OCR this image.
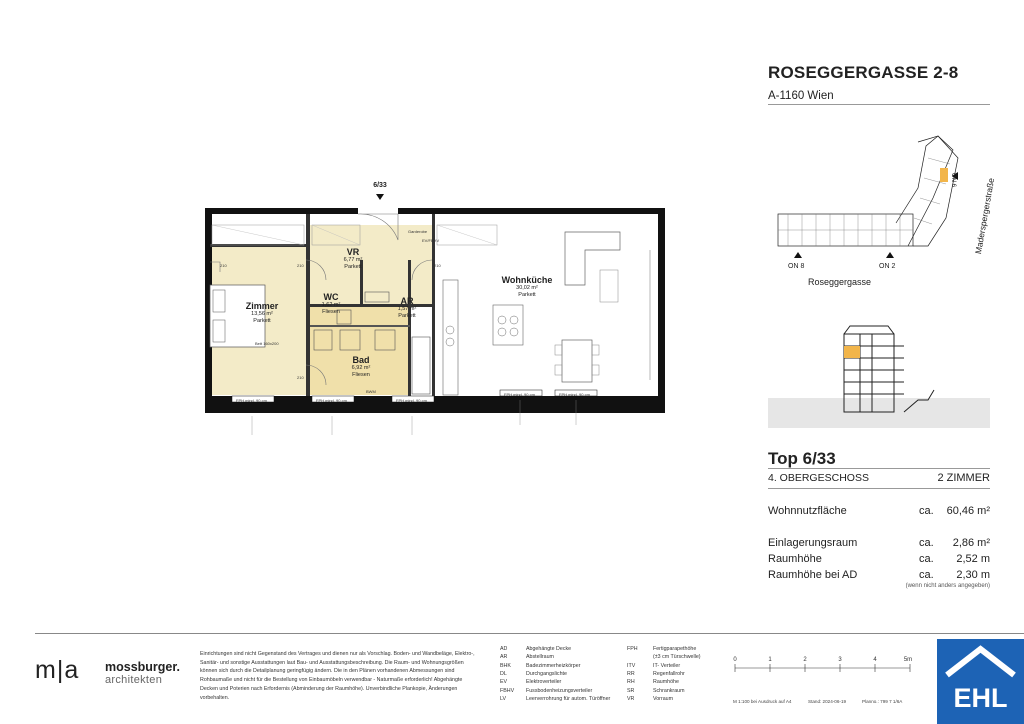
6/33
VR
6,77 m²
Parkett
WC
1,62 m²
Fliesen
AR
1,57 m²
Parkett
Wohnküche
30,02 m²
Parkett
Zimmer
13,56 m²
Parkett
Bad
6,92 m²
Fliesen
Garderobe
EV/FBHV
Bett 160x200
BWM
FPH mind. 90 cm	FPH mind. 90 cm	FPH mind. 90 cm
FPH mind. 90 cm	FPH mind. 90 cm
210	210
210
210
ROSEGGERGASSE 2-8
A-1160 Wien
ON 8	ON 2
ON 6
Roseggergasse
Maderspergerstraße
Top 6/33
4. OBERGESCHOSS	2 ZIMMER
Wohnnutzfläche	ca. 60,46 m²
Einlagerungsraum	ca. 2,86 m²
Raumhöhe	ca. 2,52 m
Raumhöhe bei AD	ca. 2,30 m
(wenn nicht anders angegeben)
m|a mossburger.
architekten
Einrichtungen sind nicht Gegenstand des Vertrages und dienen nur als Vorschlag. Boden- und Wandbeläge, Elektro-, Sanitär- und sonstige Ausstattungen laut Bau- und Ausstattungsbeschreibung. Die Raum- und Wohnungsgrößen können sich durch die Detailplanung geringfügig ändern. Die in den Plänen vorhandenen Abmessungen sind Rohbaumaße und nicht für die Bestellung von Einbaumöbeln verwendbar - Naturmaße erforderlich! Abgehängte Decken und Poterien nach Erfordernis (Abminderung der Raumhöhe). Unverbindliche Plankopie, Änderungen vorbehalten.
AD	Abgehängte Decke
AR	Abstellraum
BHK	Badezimmerheizkörper
DL	Durchgangslichte
EV	Elektroverteiler
FBHV	Fussbodenheizungsverteiler
LV	Leerverrohrung für autom. Türöffner
FPH	Fertigparapethöhe
(±3 cm Türschwelle)
ITV	IT- Verteiler
RR	Regenfallrohr
RH	Raumhöhe
SR	Schrankraum
VR	Vorraum
0	1	2	3	4	5m
M 1:100 bei Ausdruck auf A4	Stand: 2024-06-19	Planno.: 799 7 1/6A EHL
